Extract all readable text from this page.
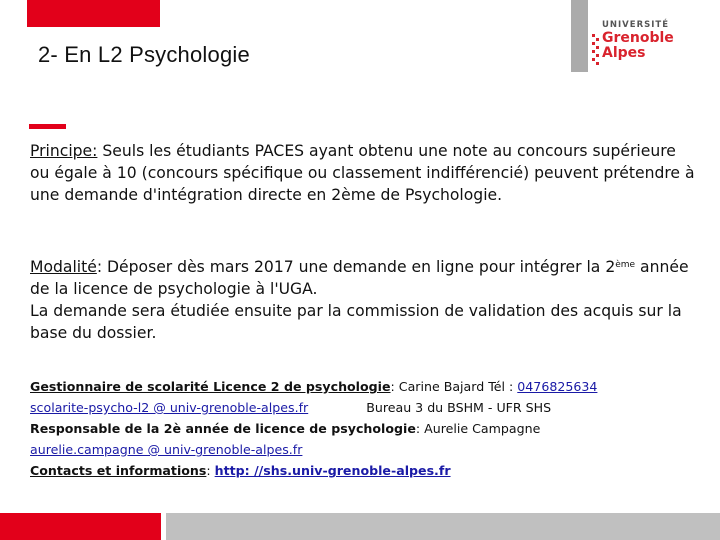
2- En L2 Psychologie
UNIVERSITÉ
Grenoble
Alpes
Principe: Seuls les étudiants PACES ayant obtenu une note au concours supérieure ou égale à 10 (concours spécifique ou classement indifférencié) peuvent prétendre à une demande d'intégration directe en 2ème de Psychologie.
Modalité: Déposer dès mars 2017 une demande en ligne pour intégrer la 2ème année de la licence de psychologie à l'UGA.
La demande sera étudiée ensuite par la commission de validation des acquis sur la base du dossier.
Gestionnaire de scolarité Licence 2 de psychologie: Carine Bajard Tél : 0476825634
scolarite-psycho-l2 @ univ-grenoble-alpes.fr	Bureau 3 du BSHM - UFR SHS
Responsable de la 2è année de licence de psychologie: Aurelie Campagne
aurelie.campagne @ univ-grenoble-alpes.fr
Contacts et informations: http: //shs.univ-grenoble-alpes.fr
